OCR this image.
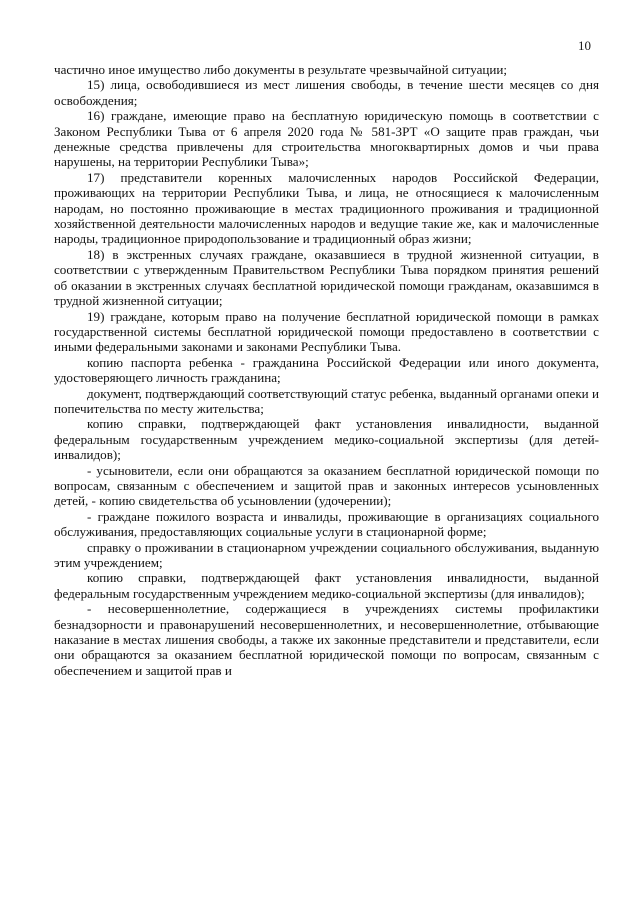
10

частично иное имущество либо документы в результате чрезвычайной ситуации;

15) лица, освободившиеся из мест лишения свободы, в течение шести месяцев со дня освобождения;

16) граждане, имеющие право на бесплатную юридическую помощь в соответствии с Законом Республики Тыва от 6 апреля 2020 года № 581-ЗРТ «О защите прав граждан, чьи денежные средства привлечены для строительства многоквартирных домов и чьи права нарушены, на территории Республики Тыва»;

17) представители коренных малочисленных народов Российской Федерации, проживающих на территории Республики Тыва, и лица, не относящиеся к малочисленным народам, но постоянно проживающие в местах традиционного проживания и традиционной хозяйственной деятельности малочисленных народов и ведущие такие же, как и малочисленные народы, традиционное природопользование и традиционный образ жизни;

18) в экстренных случаях граждане, оказавшиеся в трудной жизненной ситуации, в соответствии с утвержденным Правительством Республики Тыва порядком принятия решений об оказании в экстренных случаях бесплатной юридической помощи гражданам, оказавшимся в трудной жизненной ситуации;

19) граждане, которым право на получение бесплатной юридической помощи в рамках государственной системы бесплатной юридической помощи предоставлено в соответствии с иными федеральными законами и законами Республики Тыва.

копию паспорта ребенка - гражданина Российской Федерации или иного документа, удостоверяющего личность гражданина;

документ, подтверждающий соответствующий статус ребенка, выданный органами опеки и попечительства по месту жительства;

копию справки, подтверждающей факт установления инвалидности, выданной федеральным государственным учреждением медико-социальной экспертизы (для детей-инвалидов);

- усыновители, если они обращаются за оказанием бесплатной юридической помощи по вопросам, связанным с обеспечением и защитой прав и законных интересов усыновленных детей, - копию свидетельства об усыновлении (удочерении);

- граждане пожилого возраста и инвалиды, проживающие в организациях социального обслуживания, предоставляющих социальные услуги в стационарной форме;

справку о проживании в стационарном учреждении социального обслуживания, выданную этим учреждением;

копию справки, подтверждающей факт установления инвалидности, выданной федеральным государственным учреждением медико-социальной экспертизы (для инвалидов);

- несовершеннолетние, содержащиеся в учреждениях системы профилактики безнадзорности и правонарушений несовершеннолетних, и несовершеннолетние, отбывающие наказание в местах лишения свободы, а также их законные представители и представители, если они обращаются за оказанием бесплатной юридической помощи по вопросам, связанным с обеспечением и защитой прав и
